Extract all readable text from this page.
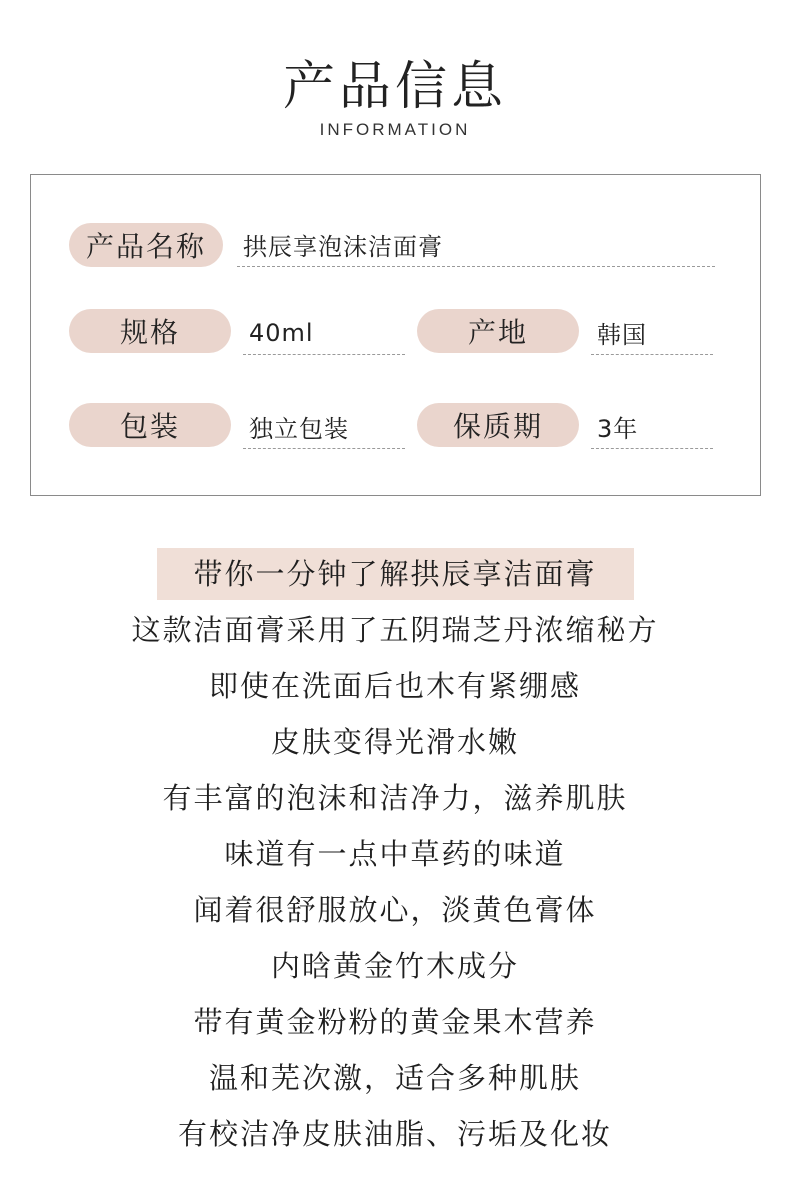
产品信息
INFORMATION
产品名称	拱辰享泡沫洁面膏
规格	40ml	产地	韩国
包装	独立包装	保质期	3年
带你一分钟了解拱辰享洁面膏
这款洁面膏采用了五阴瑞芝丹浓缩秘方
即使在洗面后也木有紧绷感
皮肤变得光滑水嫩
有丰富的泡沫和洁净力，滋养肌肤
味道有一点中草药的味道
闻着很舒服放心，淡黄色膏体
内晗黄金竹木成分
带有黄金粉粉的黄金果木营养
温和芜次激，适合多种肌肤
有校洁净皮肤油脂、污垢及化妆
